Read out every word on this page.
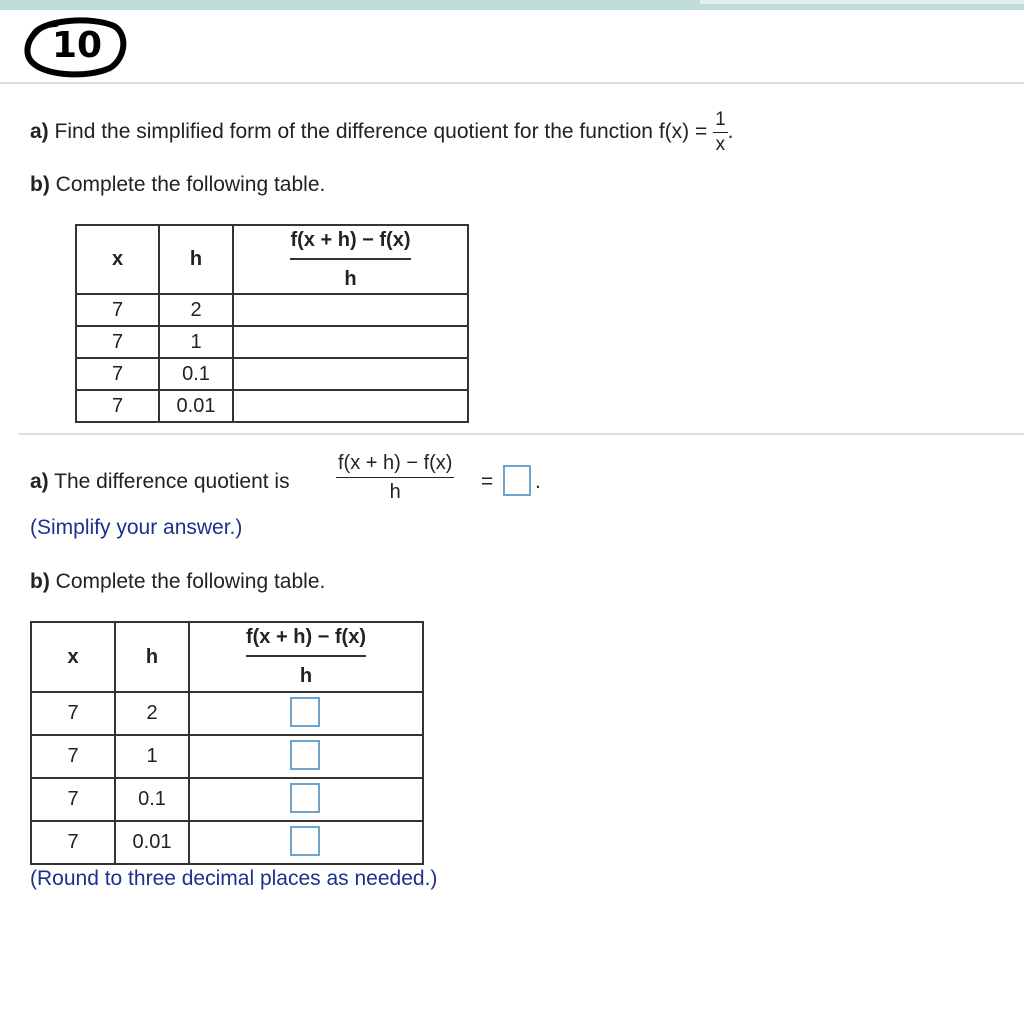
10
a) Find the simplified form of the difference quotient for the function $f(x) = \frac{1}{x}$ .
b) Complete the following table.
x	h	$\frac{f(x + h) - f(x)}{h}$
7	2	
7	1	
7	0.1	
7	0.01	
a) The difference quotient is
f(x + h) − f(x)
h	= .
(Simplify your answer.)
b) Complete the following table.
x	h	$\frac{f(x + h) - f(x)}{h}$
7	2	
7	1	
7	0.1	
7	0.01	
(Round to three decimal places as needed.)
